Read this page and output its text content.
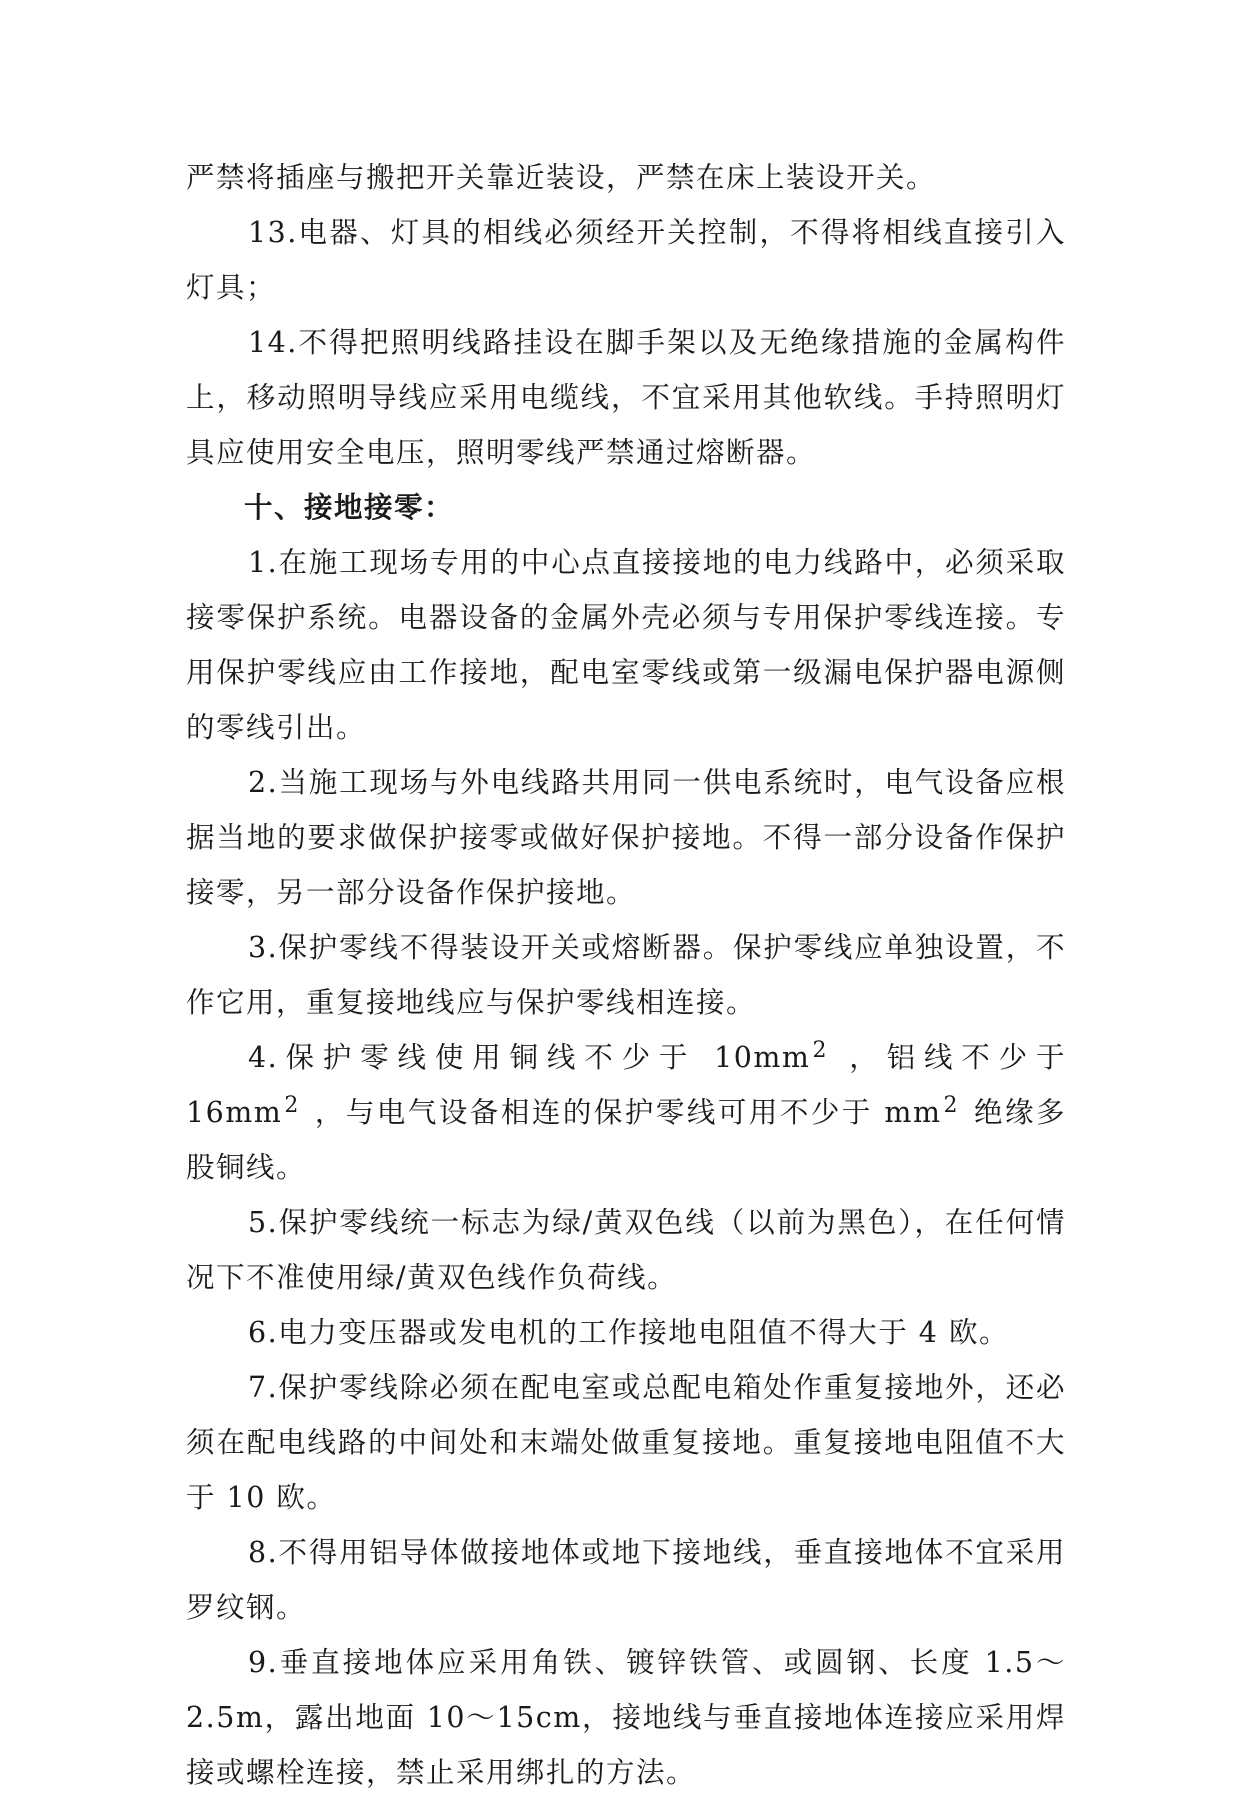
严禁将插座与搬把开关靠近装设，严禁在床上装设开关。

13.电器、灯具的相线必须经开关控制，不得将相线直接引入灯具；

14.不得把照明线路挂设在脚手架以及无绝缘措施的金属构件上，移动照明导线应采用电缆线，不宜采用其他软线。手持照明灯具应使用安全电压，照明零线严禁通过熔断器。

十、接地接零：

1.在施工现场专用的中心点直接接地的电力线路中，必须采取接零保护系统。电器设备的金属外壳必须与专用保护零线连接。专用保护零线应由工作接地，配电室零线或第一级漏电保护器电源侧的零线引出。

2.当施工现场与外电线路共用同一供电系统时，电气设备应根据当地的要求做保护接零或做好保护接地。不得一部分设备作保护接零，另一部分设备作保护接地。

3.保护零线不得装设开关或熔断器。保护零线应单独设置，不作它用，重复接地线应与保护零线相连接。

4.保护零线使用铜线不少于 $10mm^2$ ，铝线不少于 $16mm^2$ ，与电气设备相连的保护零线可用不少于 $mm^2$ 绝缘多股铜线。

5.保护零线统一标志为绿/黄双色线（以前为黑色），在任何情况下不准使用绿/黄双色线作负荷线。

6.电力变压器或发电机的工作接地电阻值不得大于 4 欧。

7.保护零线除必须在配电室或总配电箱处作重复接地外，还必须在配电线路的中间处和末端处做重复接地。重复接地电阻值不大于 10 欧。

8.不得用铝导体做接地体或地下接地线，垂直接地体不宜采用罗纹钢。

9.垂直接地体应采用角铁、镀锌铁管、或圆钢、长度 1.5～2.5m，露出地面 10～15cm，接地线与垂直接地体连接应采用焊接或螺栓连接，禁止采用绑扎的方法。
